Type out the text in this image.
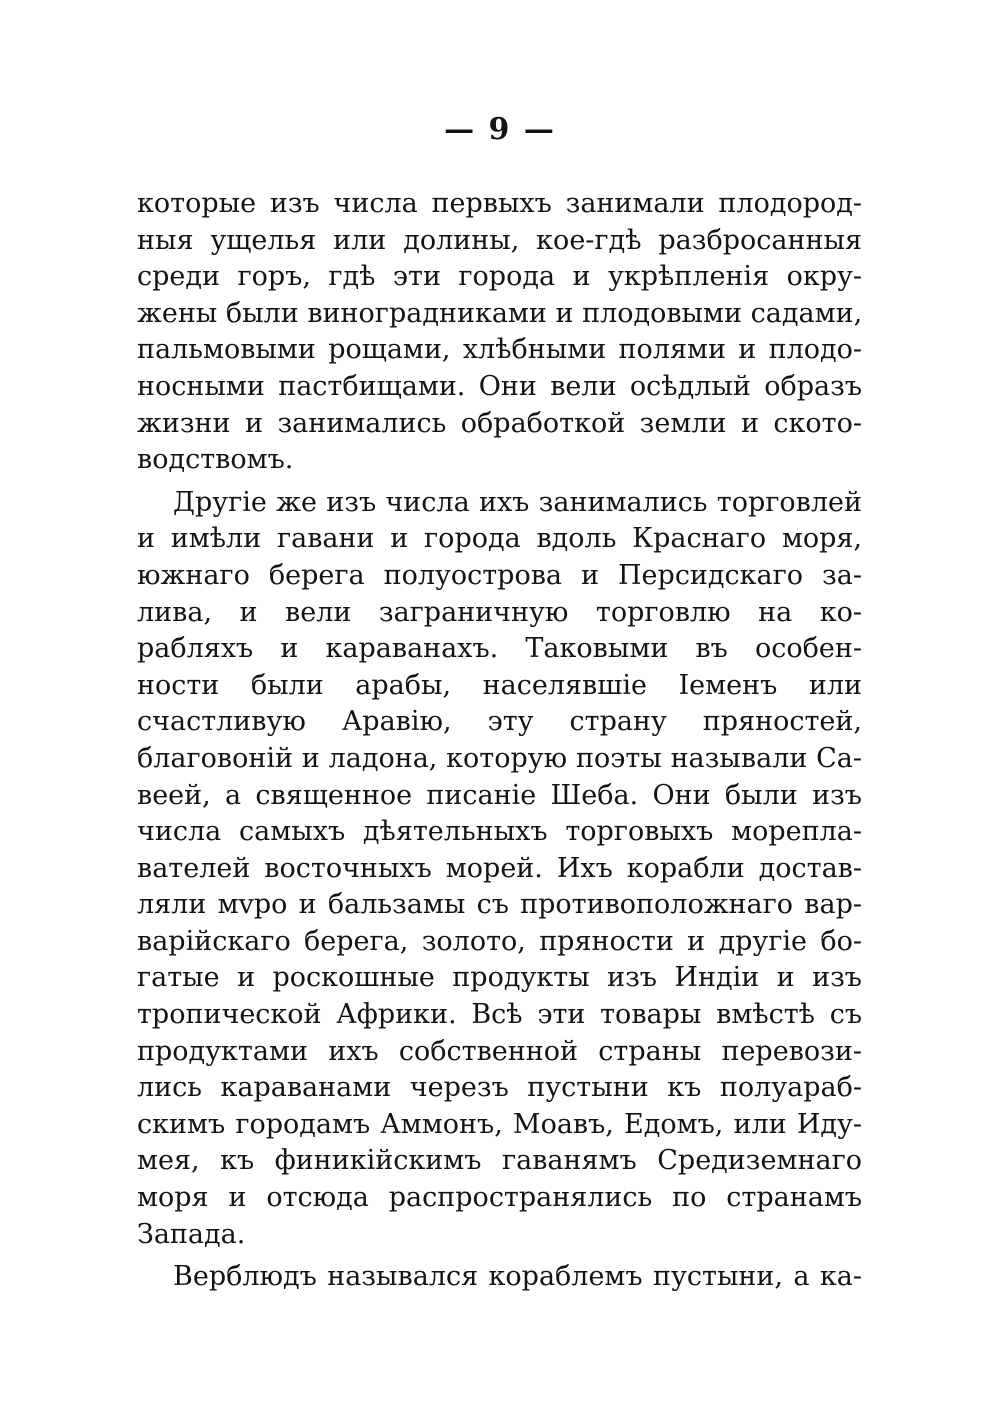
— 9 —
которые изъ числа первыхъ занимали плодород-
ныя ущелья или долины, кое-гдѣ разбросанныя
среди горъ, гдѣ эти города и укрѣпленія окру-
жены были виноградниками и плодовыми садами,
пальмовыми рощами, хлѣбными полями и плодо-
носными пастбищами. Они вели осѣдлый образъ
жизни и занимались обработкой земли и ското-
водствомъ.
Другіе же изъ числа ихъ занимались торговлей
и имѣли гавани и города вдоль Краснаго моря,
южнаго берега полуострова и Персидскаго за-
лива, и вели заграничную торговлю на ко-
рабляхъ и караванахъ. Таковыми въ особен-
ности были арабы, населявшіе Іеменъ или
счастливую Аравію, эту страну пряностей,
благовоній и ладона, которую поэты называли Са-
веей, а священное писаніе Шеба. Они были изъ
числа самыхъ дѣятельныхъ торговыхъ морепла-
вателей восточныхъ морей. Ихъ корабли достав-
ляли мvро и бальзамы съ противоположнаго вар-
варійскаго берега, золото, пряности и другіе бо-
гатые и роскошные продукты изъ Индіи и изъ
тропической Африки. Всѣ эти товары вмѣстѣ съ
продуктами ихъ собственной страны перевози-
лись караванами черезъ пустыни къ полуараб-
скимъ городамъ Аммонъ, Моавъ, Едомъ, или Иду-
мея, къ финикійскимъ гаванямъ Средиземнаго
моря и отсюда распространялись по странамъ
Запада.
Верблюдъ назывался кораблемъ пустыни, а ка-
